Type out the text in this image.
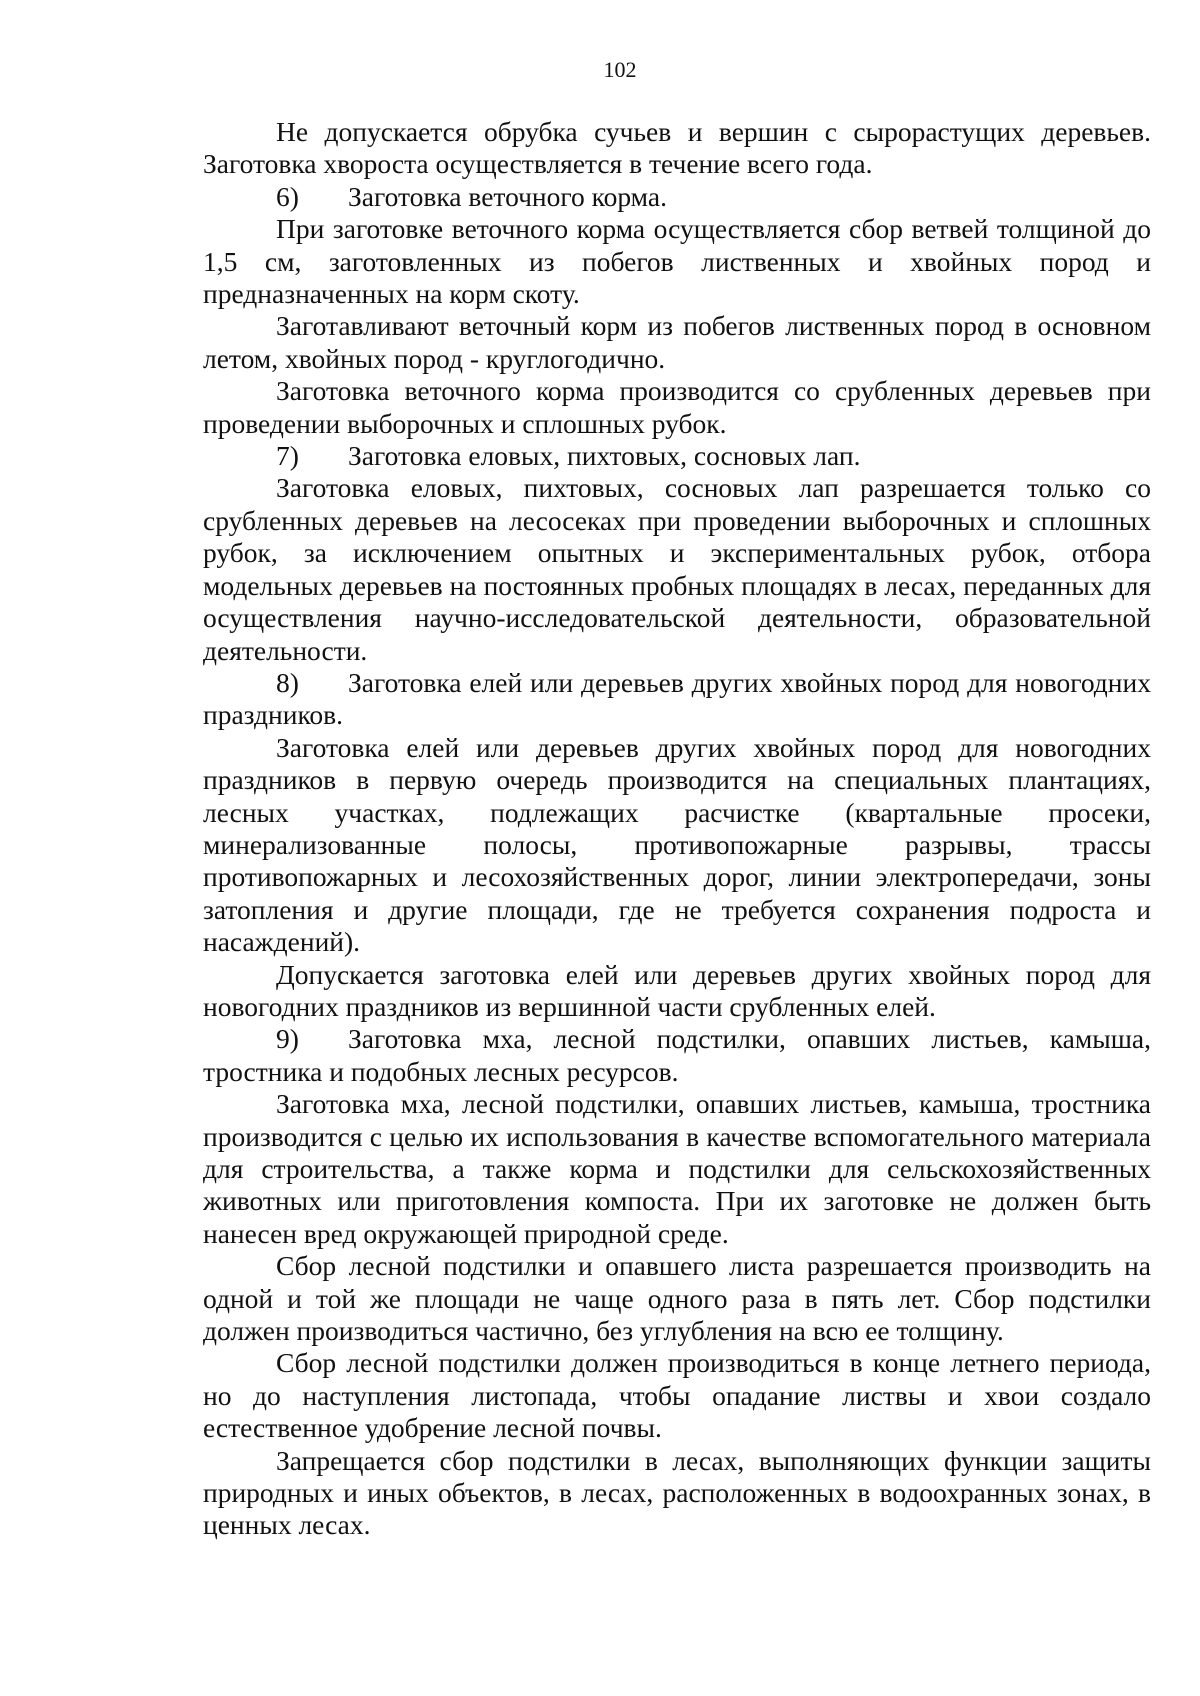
102

Не допускается обрубка сучьев и вершин с сырорастущих деревьев. Заготовка хвороста осуществляется в течение всего года.

6) Заготовка веточного корма.

При заготовке веточного корма осуществляется сбор ветвей толщиной до 1,5 см, заготовленных из побегов лиственных и хвойных пород и предназначенных на корм скоту.

Заготавливают веточный корм из побегов лиственных пород в основном летом, хвойных пород - круглогодично.

Заготовка веточного корма производится со срубленных деревьев при проведении выборочных и сплошных рубок.

7) Заготовка еловых, пихтовых, сосновых лап.

Заготовка еловых, пихтовых, сосновых лап разрешается только со срубленных деревьев на лесосеках при проведении выборочных и сплошных рубок, за исключением опытных и экспериментальных рубок, отбора модельных деревьев на постоянных пробных площадях в лесах, переданных для осуществления научно-исследовательской деятельности, образовательной деятельности.

8) Заготовка елей или деревьев других хвойных пород для новогодних праздников.

Заготовка елей или деревьев других хвойных пород для новогодних праздников в первую очередь производится на специальных плантациях, лесных участках, подлежащих расчистке (квартальные просеки, минерализованные полосы, противопожарные разрывы, трассы противопожарных и лесохозяйственных дорог, линии электропередачи, зоны затопления и другие площади, где не требуется сохранения подроста и насаждений).

Допускается заготовка елей или деревьев других хвойных пород для новогодних праздников из вершинной части срубленных елей.

9) Заготовка мха, лесной подстилки, опавших листьев, камыша, тростника и подобных лесных ресурсов.

Заготовка мха, лесной подстилки, опавших листьев, камыша, тростника производится с целью их использования в качестве вспомогательного материала для строительства, а также корма и подстилки для сельскохозяйственных животных или приготовления компоста. При их заготовке не должен быть нанесен вред окружающей природной среде.

Сбор лесной подстилки и опавшего листа разрешается производить на одной и той же площади не чаще одного раза в пять лет. Сбор подстилки должен производиться частично, без углубления на всю ее толщину.

Сбор лесной подстилки должен производиться в конце летнего периода, но до наступления листопада, чтобы опадание листвы и хвои создало естественное удобрение лесной почвы.

Запрещается сбор подстилки в лесах, выполняющих функции защиты природных и иных объектов, в лесах, расположенных в водоохранных зонах, в ценных лесах.
